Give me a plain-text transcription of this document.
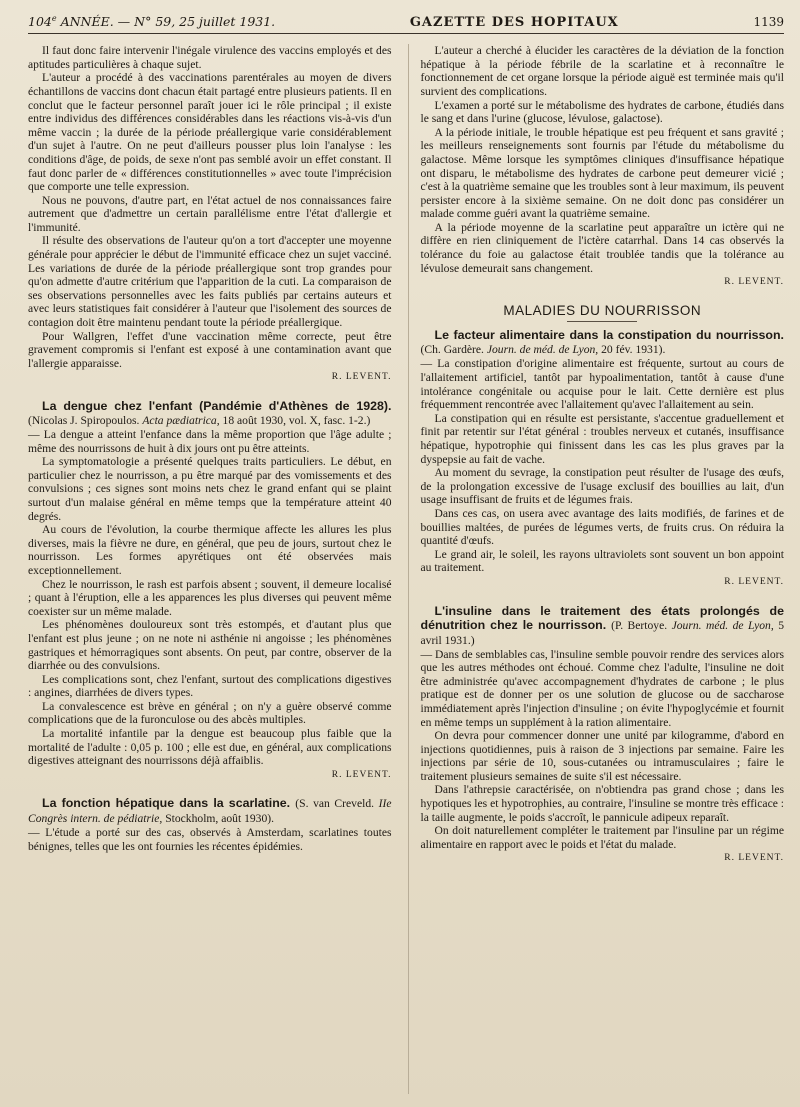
104e ANNÉE. — N° 59, 25 juillet 1931.	GAZETTE DES HOPITAUX	1139

Il faut donc faire intervenir l'inégale virulence des vaccins employés et des aptitudes particulières à chaque sujet.

L'auteur a procédé à des vaccinations parentérales au moyen de divers échantillons de vaccins dont chacun était partagé entre plusieurs patients. Il en conclut que le facteur personnel paraît jouer ici le rôle principal ; il existe entre individus des différences considérables dans les réactions vis-à-vis d'un même vaccin ; la durée de la période préallergique varie considérablement d'un sujet à l'autre. On ne peut d'ailleurs pousser plus loin l'analyse : les conditions d'âge, de poids, de sexe n'ont pas semblé avoir un effet constant. Il faut donc parler de « différences constitutionnelles » avec toute l'imprécision que comporte une telle expression.

Nous ne pouvons, d'autre part, en l'état actuel de nos connaissances faire autrement que d'admettre un certain parallélisme entre l'état d'allergie et l'immunité.

Il résulte des observations de l'auteur qu'on a tort d'accepter une moyenne générale pour apprécier le début de l'immunité efficace chez un sujet vacciné. Les variations de durée de la période préallergique sont trop grandes pour qu'on admette d'autre critérium que l'apparition de la cuti. La comparaison de ses observations personnelles avec les faits publiés par certains auteurs et avec leurs statistiques fait considérer à l'auteur que l'isolement des sources de contagion doit être maintenu pendant toute la période préallergique.

Pour Wallgren, l'effet d'une vaccination même correcte, peut être gravement compromis si l'enfant est exposé à une contamination avant que l'allergie apparaisse.

R. LEVENT.
La dengue chez l'enfant (Pandémie d'Athènes de 1928). (Nicolas J. Spiropoulos. Acta pædiatrica, 18 août 1930, vol. X, fasc. 1-2.)

— La dengue a atteint l'enfance dans la même proportion que l'âge adulte ; même des nourrissons de huit à dix jours ont pu être atteints.

La symptomatologie a présenté quelques traits particuliers. Le début, en particulier chez le nourrisson, a pu être marqué par des vomissements et des convulsions ; ces signes sont moins nets chez le grand enfant qui se plaint surtout d'un malaise général en même temps que la température atteint 40 degrés.

Au cours de l'évolution, la courbe thermique affecte les allures les plus diverses, mais la fièvre ne dure, en général, que peu de jours, surtout chez le nourrisson. Les formes apyrétiques ont été observées mais exceptionnellement.

Chez le nourrisson, le rash est parfois absent ; souvent, il demeure localisé ; quant à l'éruption, elle a les apparences les plus diverses qui peuvent même coexister sur un même malade.

Les phénomènes douloureux sont très estompés, et d'autant plus que l'enfant est plus jeune ; on ne note ni asthénie ni angoisse ; les phénomènes gastriques et hémorragiques sont absents. On peut, par contre, observer de la diarrhée ou des convulsions.

Les complications sont, chez l'enfant, surtout des complications digestives : angines, diarrhées de divers types.

La convalescence est brève en général ; on n'y a guère observé comme complications que de la furonculose ou des abcès multiples.

La mortalité infantile par la dengue est beaucoup plus faible que la mortalité de l'adulte : 0,05 p. 100 ; elle est due, en général, aux complications digestives atteignant des nourrissons déjà affaiblis.

R. LEVENT.
La fonction hépatique dans la scarlatine. (S. van Creveld. IIe Congrès intern. de pédiatrie, Stockholm, août 1930).

— L'étude a porté sur des cas, observés à Amsterdam, scarlatines toutes bénignes, telles que les ont fournies les récentes épidémies.

L'auteur a cherché à élucider les caractères de la déviation de la fonction hépatique à la période fébrile de la scarlatine et à reconnaître le fonctionnement de cet organe lorsque la période aiguë est terminée mais qu'il survient des complications.

L'examen a porté sur le métabolisme des hydrates de carbone, étudiés dans le sang et dans l'urine (glucose, lévulose, galactose).

A la période initiale, le trouble hépatique est peu fréquent et sans gravité ; les meilleurs renseignements sont fournis par l'étude du métabolisme du galactose. Même lorsque les symptômes cliniques d'insuffisance hépatique ont disparu, le métabolisme des hydrates de carbone peut demeurer vicié ; c'est à la quatrième semaine que les troubles sont à leur maximum, ils peuvent persister encore à la sixième semaine. On ne doit donc pas considérer un malade comme guéri avant la quatrième semaine.

A la période moyenne de la scarlatine peut apparaître un ictère qui ne diffère en rien cliniquement de l'ictère catarrhal. Dans 14 cas observés la tolérance du foie au galactose était troublée tandis que la tolérance au lévulose demeurait sans changement.

R. LEVENT.
MALADIES DU NOURRISSON
Le facteur alimentaire dans la constipation du nourrisson. (Ch. Gardère. Journ. de méd. de Lyon, 20 fév. 1931).

— La constipation d'origine alimentaire est fréquente, surtout au cours de l'allaitement artificiel, tantôt par hypoalimentation, tantôt à cause d'une intolérance congénitale ou acquise pour le lait. Cette dernière est plus fréquemment rencontrée avec l'allaitement qu'avec l'allaitement au sein.

La constipation qui en résulte est persistante, s'accentue graduellement et finit par retentir sur l'état général : troubles nerveux et cutanés, insuffisance hépatique, hypotrophie qui finissent dans les cas les plus graves par la dyspepsie au fait de vache.

Au moment du sevrage, la constipation peut résulter de l'usage des œufs, de la prolongation excessive de l'usage exclusif des bouillies au lait, d'un usage insuffisant de fruits et de légumes frais.

Dans ces cas, on usera avec avantage des laits modifiés, de farines et de bouillies maltées, de purées de légumes verts, de fruits crus. On réduira la quantité d'œufs.

Le grand air, le soleil, les rayons ultraviolets sont souvent un bon appoint au traitement.

R. LEVENT.
L'insuline dans le traitement des états prolongés de dénutrition chez le nourrisson. (P. Bertoye. Journ. méd. de Lyon, 5 avril 1931.)

— Dans de semblables cas, l'insuline semble pouvoir rendre des services alors que les autres méthodes ont échoué. Comme chez l'adulte, l'insuline ne doit être administrée qu'avec accompagnement d'hydrates de carbone ; le plus pratique est de donner per os une solution de glucose ou de saccharose immédiatement après l'injection d'insuline ; on évite l'hypoglycémie et fournit en même temps un supplément à la ration alimentaire.

On devra pour commencer donner une unité par kilogramme, d'abord en injections quotidiennes, puis à raison de 3 injections par semaine. Faire les injections par série de 10, sous-cutanées ou intramusculaires ; faire le traitement plusieurs semaines de suite s'il est nécessaire.

Dans l'athrepsie caractérisée, on n'obtiendra pas grand chose ; dans les hypotiques les et hypotrophies, au contraire, l'insuline se montre très efficace : la taille augmente, le poids s'accroît, le pannicule adipeux reparaît.

On doit naturellement compléter le traitement par l'insuline par un régime alimentaire en rapport avec le poids et l'état du malade.

R. LEVENT.
